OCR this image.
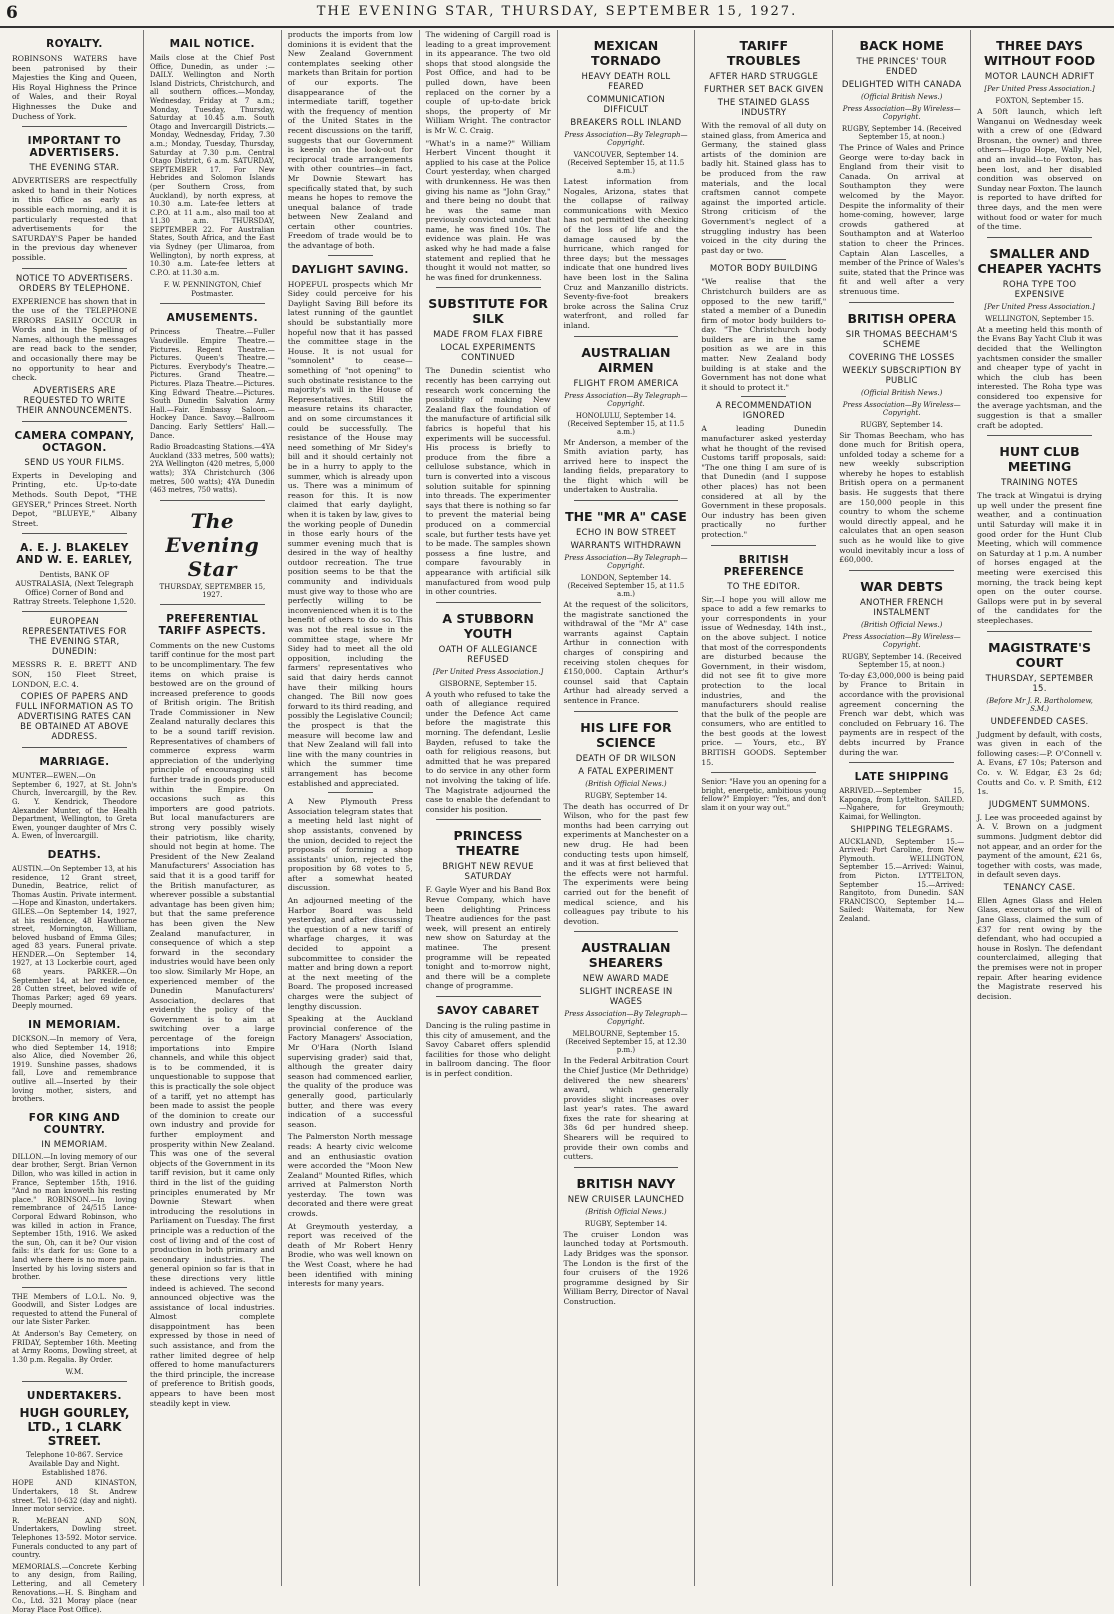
6	THE EVENING STAR, THURSDAY, SEPTEMBER 15, 1927.
ROYALTY.

ROBINSONS WATERS have been patronised by their Majesties the King and Queen, His Royal Highness the Prince of Wales, and their Royal Highnesses the Duke and Duchess of York.

IMPORTANT TO ADVERTISERS.
THE EVENING STAR.

ADVERTISERS are respectfully asked to hand in their Notices in this Office as early as possible each morning, and it is particularly requested that advertisements for the SATURDAY'S Paper be handed in the previous day whenever possible.

NOTICE TO ADVERTISERS. ORDERS BY TELEPHONE.

EXPERIENCE has shown that in the use of the TELEPHONE ERRORS EASILY OCCUR in Words and in the Spelling of Names, although the messages are read back to the sender, and occasionally there may be no opportunity to hear and check.

ADVERTISERS ARE REQUESTED TO WRITE THEIR ANNOUNCEMENTS.
CAMERA COMPANY, OCTAGON.
SEND US YOUR FILMS.

Experts in Developing and Printing, etc. Up-to-date Methods. South Depot, "THE GEYSER," Princes Street. North Depot, "BLUEYE," Albany Street.

A. E. J. BLAKELEY AND W. E. EARLEY,

Dentists, BANK OF AUSTRALASIA, (Next Telegraph Office) Corner of Bond and Rattray Streets. Telephone 1,520.

EUROPEAN REPRESENTATIVES FOR THE EVENING STAR, DUNEDIN:

MESSRS R. E. BRETT AND SON, 150 Fleet Street, LONDON, E.C. 4.

COPIES OF PAPERS AND FULL INFORMATION AS TO ADVERTISING RATES CAN BE OBTAINED AT ABOVE ADDRESS.
MARRIAGE.

MUNTER—EWEN.—On September 6, 1927, at St. John's Church, Invercargill, by the Rev. G. Y. Kendrick, Theodore Alexander Munter, of the Health Department, Wellington, to Greta Ewen, younger daughter of Mrs C. A. Ewen, of Invercargill.

DEATHS.

AUSTIN.—On September 13, at his residence, 12 Grant street, Dunedin, Beatrice, relict of Thomas Austin. Private interment.—Hope and Kinaston, undertakers. GILES.—On September 14, 1927, at his residence, 48 Hawthorne street, Mornington, William, beloved husband of Emma Giles; aged 83 years. Funeral private. HENDER.—On September 14, 1927, at 13 Lockerbie court, aged 68 years. PARKER.—On September 14, at her residence, 28 Cutten street, beloved wife of Thomas Parker; aged 69 years. Deeply mourned.

IN MEMORIAM.

DICKSON.—In memory of Vera, who died September 14, 1918; also Alice, died November 26, 1919. Sunshine passes, shadows fall, Love and remembrance outlive all.—Inserted by their loving mother, sisters, and brothers.

FOR KING AND COUNTRY.
IN MEMORIAM.

DILLON.—In loving memory of our dear brother, Sergt. Brian Vernon Dillon, who was killed in action in France, September 15th, 1916. "And no man knoweth his resting place." ROBINSON.—In loving remembrance of 24/515 Lance-Corporal Edward Robinson, who was killed in action in France, September 15th, 1916. We asked the sun, Oh, can it be? Our vision fails: it's dark for us: Gone to a land where there is no more pain. Inserted by his loving sisters and brother.

THE Members of L.O.L. No. 9, Goodwill, and Sister Lodges are requested to attend the Funeral of our late Sister Parker.

At Anderson's Bay Cemetery, on FRIDAY, September 16th. Meeting at Army Rooms, Dowling street, at 1.30 p.m. Regalia. By Order.

W.M.

UNDERTAKERS.
HUGH GOURLEY, LTD., 1 CLARK STREET.

Telephone 10-867. Service Available Day and Night. Established 1876.

HOPE AND KINASTON, Undertakers, 18 St. Andrew street. Tel. 10-632 (day and night). Inner motor service.

R. McBEAN AND SON, Undertakers, Dowling street. Telephones 13-592. Motor service. Funerals conducted to any part of country.

MEMORIALS.—Concrete Kerbing to any design, from Railing, Lettering, and all Cemetery Renovations.—H. S. Bingham and Co., Ltd. 321 Moray place (near Moray Place Post Office).

MAIL NOTICE.

Mails close at the Chief Post Office, Dunedin, as under :— DAILY. Wellington and North Island Districts, Christchurch, and all southern offices.—Monday, Wednesday, Friday at 7 a.m.; Monday, Tuesday, Thursday, Saturday at 10.45 a.m. South Otago and Invercargill Districts.—Monday, Wednesday, Friday, 7.30 a.m.; Monday, Tuesday, Thursday, Saturday at 7.30 p.m. Central Otago District, 6 a.m. SATURDAY, SEPTEMBER 17. For New Hebrides and Solomon Islands (per Southern Cross, from Auckland), by north express, at 10.30 a.m. Late-fee letters at C.P.O. at 11 a.m., also mail too at 11.30 a.m. THURSDAY, SEPTEMBER 22. For Australian States, South Africa, and the East via Sydney (per Ulimaroa, from Wellington), by north express, at 10.30 a.m. Late-fee letters at C.P.O. at 11.30 a.m.

F. W. PENNINGTON, Chief Postmaster.

AMUSEMENTS.

Princess Theatre.—Fuller Vaudeville. Empire Theatre.—Pictures. Regent Theatre.—Pictures. Queen's Theatre.—Pictures. Everybody's Theatre.—Pictures. Grand Theatre.—Pictures. Plaza Theatre.—Pictures. King Edward Theatre.—Pictures. South Dunedin Salvation Army Hall.—Fair. Embassy Saloon.—Hockey Dance. Savoy.—Ballroom Dancing. Early Settlers' Hall.—Dance.

Radio Broadcasting Stations.—4YA Auckland (333 metres, 500 watts); 2YA Wellington (420 metres, 5,000 watts); 3YA Christchurch (306 metres, 500 watts); 4YA Dunedin (463 metres, 750 watts).

The Evening Star
THURSDAY, SEPTEMBER 15, 1927.
PREFERENTIAL TARIFF ASPECTS.

Comments on the new Customs tariff continue for the most part to be uncomplimentary. The few items on which praise is bestowed are on the ground of increased preference to goods of British origin. The British Trade Commissioner in New Zealand naturally declares this to be a sound tariff revision. Representatives of chambers of commerce express warm appreciation of the underlying principle of encouraging still further trade in goods produced within the Empire. On occasions such as this importers are good patriots. But local manufacturers are strong very possibly wisely their patriotism, like charity, should not begin at home. The President of the New Zealand Manufacturers' Association has said that it is a good tariff for the British manufacturer, as wherever possible a substantial advantage has been given him; but that the same preference has been given the New Zealand manufacturer, in consequence of which a step forward in the secondary industries would have been only too slow. Similarly Mr Hope, an experienced member of the Dunedin Manufacturers' Association, declares that evidently the policy of the Government is to aim at switching over a large percentage of the foreign importations into Empire channels, and while this object is to be commended, it is unquestionable to suppose that this is practically the sole object of a tariff, yet no attempt has been made to assist the people of the dominion to create our own industry and provide for further employment and prosperity within New Zealand. This was one of the several objects of the Government in its tariff revision, but it came only third in the list of the guiding principles enumerated by Mr Downie Stewart when introducing the resolutions in Parliament on Tuesday. The first principle was a reduction of the cost of living and of the cost of production in both primary and secondary industries. The general opinion so far is that in these directions very little indeed is achieved. The second announced objective was the assistance of local industries. Almost complete disappointment has been expressed by those in need of such assistance, and from the rather limited degree of help offered to home manufacturers the third principle, the increase of preference to British goods, appears to have been most steadily kept in view.

products the imports from low dominions it is evident that the New Zealand Government contemplates seeking other markets than Britain for portion of our exports. The disappearance of the intermediate tariff, together with the frequency of mention of the United States in the recent discussions on the tariff, suggests that our Government is keenly on the look-out for reciprocal trade arrangements with other countries—in fact, Mr Downie Stewart has specifically stated that, by such means he hopes to remove the unequal balance of trade between New Zealand and certain other countries. Freedom of trade would be to the advantage of both.

DAYLIGHT SAVING.

HOPEFUL prospects which Mr Sidey could perceive for his Daylight Saving Bill before its latest running of the gauntlet should be substantially more hopeful now that it has passed the committee stage in the House. It is not usual for "somnolent" to cease—something of "not opening" to such obstinate resistance to the majority's will in the House of Representatives. Still the measure retains its character, and on some circumstances it could be successfully. The resistance of the House may need something of Mr Sidey's bill and it should certainly not be in a hurry to apply to the summer, which is already upon us. There was a minimum of reason for this. It is now claimed that early daylight, when it is taken by law, gives to the working people of Dunedin in those early hours of the summer evening much that is desired in the way of healthy outdoor recreation. The true position seems to be that the community and individuals must give way to those who are perfectly willing to be inconvenienced when it is to the benefit of others to do so. This was not the real issue in the committee stage, where Mr Sidey had to meet all the old opposition, including the farmers' representatives who said that dairy herds cannot have their milking hours changed. The Bill now goes forward to its third reading, and possibly the Legislative Council; the prospect is that the measure will become law and that New Zealand will fall into line with the many countries in which the summer time arrangement has become established and appreciated.

A New Plymouth Press Association telegram states that a meeting held last night of shop assistants, convened by the union, decided to reject the proposals of forming a shop assistants' union, rejected the proposition by 68 votes to 5, after a somewhat heated discussion.

An adjourned meeting of the Harbor Board was held yesterday, and after discussing the question of a new tariff of wharfage charges, it was decided to appoint a subcommittee to consider the matter and bring down a report at the next meeting of the Board. The proposed increased charges were the subject of lengthy discussion.

Speaking at the Auckland provincial conference of the Factory Managers' Association, Mr O'Hara (North Island supervising grader) said that, although the greater dairy season had commenced earlier, the quality of the produce was generally good, particularly butter, and there was every indication of a successful season.

The Palmerston North message reads: A hearty civic welcome and an enthusiastic ovation were accorded the "Moon New Zealand" Mounted Rifles, which arrived at Palmerston North yesterday. The town was decorated and there were great crowds.

At Greymouth yesterday, a report was received of the death of Mr Robert Henry Brodie, who was well known on the West Coast, where he had been identified with mining interests for many years.

The widening of Cargill road is leading to a great improvement in its appearance. The two old shops that stood alongside the Post Office, and had to be pulled down, have been replaced on the corner by a couple of up-to-date brick shops, the property of Mr William Wright. The contractor is Mr W. C. Craig.

"What's in a name?" William Herbert Vincent thought it applied to his case at the Police Court yesterday, when charged with drunkenness. He was then giving his name as "John Gray," and there being no doubt that he was the same man previously convicted under that name, he was fined 10s. The evidence was plain. He was asked why he had made a false statement and replied that he thought it would not matter, so he was fined for drunkenness.

SUBSTITUTE FOR SILK
MADE FROM FLAX FIBRE
LOCAL EXPERIMENTS CONTINUED

The Dunedin scientist who recently has been carrying out research work concerning the possibility of making New Zealand flax the foundation of the manufacture of artificial silk fabrics is hopeful that his experiments will be successful. His process is briefly to produce from the fibre a cellulose substance, which in turn is converted into a viscous solution suitable for spinning into threads. The experimenter says that there is nothing so far to prevent the material being produced on a commercial scale, but further tests have yet to be made. The samples shown possess a fine lustre, and compare favourably in appearance with artificial silk manufactured from wood pulp in other countries.

A STUBBORN YOUTH
OATH OF ALLEGIANCE REFUSED
[Per United Press Association.]
GISBORNE, September 15.

A youth who refused to take the oath of allegiance required under the Defence Act came before the magistrate this morning. The defendant, Leslie Bayden, refused to take the oath for religious reasons, but admitted that he was prepared to do service in any other form not involving the taking of life. The Magistrate adjourned the case to enable the defendant to consider his position.

PRINCESS THEATRE
BRIGHT NEW REVUE SATURDAY

F. Gayle Wyer and his Band Box Revue Company, which have been delighting Princess Theatre audiences for the past week, will present an entirely new show on Saturday at the matinee. The present programme will be repeated tonight and to-morrow night, and there will be a complete change of programme.

SAVOY CABARET

Dancing is the ruling pastime in this city of amusement, and the Savoy Cabaret offers splendid facilities for those who delight in ballroom dancing. The floor is in perfect condition.

MEXICAN TORNADO
HEAVY DEATH ROLL FEARED
COMMUNICATION DIFFICULT
BREAKERS ROLL INLAND
Press Association—By Telegraph—Copyright.
VANCOUVER, September 14. (Received September 15, at 11.5 a.m.)

Latest information from Nogales, Arizona, states that the collapse of railway communications with Mexico has not permitted the checking of the loss of life and the damage caused by the hurricane, which ranged for three days; but the messages indicate that one hundred lives have been lost in the Salina Cruz and Manzanillo districts. Seventy-five-foot breakers broke across the Salina Cruz waterfront, and rolled far inland.

AUSTRALIAN AIRMEN
FLIGHT FROM AMERICA
Press Association—By Telegraph—Copyright.
HONOLULU, September 14. (Received September 15, at 11.5 a.m.)

Mr Anderson, a member of the Smith aviation party, has arrived here to inspect the landing fields, preparatory to the flight which will be undertaken to Australia.

THE "MR A" CASE
ECHO IN BOW STREET
WARRANTS WITHDRAWN
Press Association—By Telegraph—Copyright.
LONDON, September 14. (Received September 15, at 11.5 a.m.)

At the request of the solicitors, the magistrate sanctioned the withdrawal of the "Mr A" case warrants against Captain Arthur in connection with charges of conspiring and receiving stolen cheques for £150,000. Captain Arthur's counsel said that Captain Arthur had already served a sentence in France.

HIS LIFE FOR SCIENCE
DEATH OF DR WILSON
A FATAL EXPERIMENT
(British Official News.)
RUGBY, September 14.

The death has occurred of Dr Wilson, who for the past few months had been carrying out experiments at Manchester on a new drug. He had been conducting tests upon himself, and it was at first believed that the effects were not harmful. The experiments were being carried out for the benefit of medical science, and his colleagues pay tribute to his devotion.

AUSTRALIAN SHEARERS
NEW AWARD MADE
SLIGHT INCREASE IN WAGES
Press Association—By Telegraph—Copyright.
MELBOURNE, September 15. (Received September 15, at 12.30 p.m.)

In the Federal Arbitration Court the Chief Justice (Mr Dethridge) delivered the new shearers' award, which generally provides slight increases over last year's rates. The award fixes the rate for shearing at 38s 6d per hundred sheep. Shearers will be required to provide their own combs and cutters.

BRITISH NAVY
NEW CRUISER LAUNCHED
(British Official News.)
RUGBY, September 14.

The cruiser London was launched today at Portsmouth. Lady Bridges was the sponsor. The London is the first of the four cruisers of the 1926 programme designed by Sir William Berry, Director of Naval Construction.

TARIFF TROUBLES
AFTER HARD STRUGGLE
FURTHER SET BACK GIVEN
THE STAINED GLASS INDUSTRY

With the removal of all duty on stained glass, from America and Germany, the stained glass artists of the dominion are badly hit. Stained glass has to be produced from the raw materials, and the local craftsmen cannot compete against the imported article. Strong criticism of the Government's neglect of a struggling industry has been voiced in the city during the past day or two.

MOTOR BODY BUILDING

"We realise that the Christchurch builders are as opposed to the new tariff," stated a member of a Dunedin firm of motor body builders to-day. "The Christchurch body builders are in the same position as we are in this matter. New Zealand body building is at stake and the Government has not done what it should to protect it."

A RECOMMENDATION IGNORED

A leading Dunedin manufacturer asked yesterday what he thought of the revised Customs tariff proposals, said: "The one thing I am sure of is that Dunedin (and I suppose other places) has not been considered at all by the Government in these proposals. Our industry has been given practically no further protection."

BRITISH PREFERENCE
TO THE EDITOR.

Sir,—I hope you will allow me space to add a few remarks to your correspondents in your issue of Wednesday, 14th inst., on the above subject. I notice that most of the correspondents are disturbed because the Government, in their wisdom, did not see fit to give more protection to the local industries, and the manufacturers should realise that the bulk of the people are consumers, who are entitled to the best goods at the lowest price. — Yours, etc., BY BRITISH GOODS. September 15.

Senior: "Have you an opening for a bright, energetic, ambitious young fellow?" Employer: "Yes, and don't slam it on your way out."

BACK HOME
THE PRINCES' TOUR ENDED
DELIGHTED WITH CANADA
(Official British News.)
Press Association—By Wireless—Copyright.
RUGBY, September 14. (Received September 15, at noon.)

The Prince of Wales and Prince George were to-day back in England from their visit to Canada. On arrival at Southampton they were welcomed by the Mayor. Despite the informality of their home-coming, however, large crowds gathered at Southampton and at Waterloo station to cheer the Princes. Captain Alan Lascelles, a member of the Prince of Wales's suite, stated that the Prince was fit and well after a very strenuous time.

BRITISH OPERA
SIR THOMAS BEECHAM'S SCHEME
COVERING THE LOSSES
WEEKLY SUBSCRIPTION BY PUBLIC
(Official British News.)
Press Association—By Wireless—Copyright.
RUGBY, September 14.

Sir Thomas Beecham, who has done much for British opera, unfolded today a scheme for a new weekly subscription whereby he hopes to establish British opera on a permanent basis. He suggests that there are 150,000 people in this country to whom the scheme would directly appeal, and he calculates that an open season such as he would like to give would inevitably incur a loss of £60,000.

WAR DEBTS
ANOTHER FRENCH INSTALMENT
(British Official News.)
Press Association—By Wireless—Copyright.
RUGBY, September 14. (Received September 15, at noon.)

To-day £3,000,000 is being paid by France to Britain in accordance with the provisional agreement concerning the French war debt, which was concluded on February 16. The payments are in respect of the debts incurred by France during the war.

LATE SHIPPING

ARRIVED.—September 15, Kaponga, from Lyttelton. SAILED.—Ngahere, for Greymouth; Kaimai, for Wellington.

SHIPPING TELEGRAMS.

AUCKLAND, September 15.—Arrived: Port Caroline, from New Plymouth. WELLINGTON, September 15.—Arrived: Wainui, from Picton. LYTTELTON, September 15.—Arrived: Rangitoto, from Dunedin. SAN FRANCISCO, September 14.—Sailed: Waitemata, for New Zealand.

THREE DAYS WITHOUT FOOD
MOTOR LAUNCH ADRIFT
[Per United Press Association.]
FOXTON, September 15.

A 50ft launch, which left Wanganui on Wednesday week with a crew of one (Edward Brosnan, the owner) and three others—Hugo Hope, Wally Nel, and an invalid—to Foxton, has been lost, and her disabled condition was observed on Sunday near Foxton. The launch is reported to have drifted for three days, and the men were without food or water for much of the time.

SMALLER AND CHEAPER YACHTS
ROHA TYPE TOO EXPENSIVE
[Per United Press Association.]
WELLINGTON, September 15.

At a meeting held this month of the Evans Bay Yacht Club it was decided that the Wellington yachtsmen consider the smaller and cheaper type of yacht in which the club has been interested. The Roha type was considered too expensive for the average yachtsman, and the suggestion is that a smaller craft be adopted.

HUNT CLUB MEETING
TRAINING NOTES

The track at Wingatui is drying up well under the present fine weather, and a continuation until Saturday will make it in good order for the Hunt Club Meeting, which will commence on Saturday at 1 p.m. A number of horses engaged at the meeting were exercised this morning, the track being kept open on the outer course. Gallops were put in by several of the candidates for the steeplechases.

MAGISTRATE'S COURT
THURSDAY, SEPTEMBER 15.
(Before Mr J. R. Bartholomew, S.M.)
UNDEFENDED CASES.

Judgment by default, with costs, was given in each of the following cases:—P. O'Connell v. A. Evans, £7 10s; Paterson and Co. v. W. Edgar, £3 2s 6d; Coutts and Co. v. P. Smith, £12 1s.

JUDGMENT SUMMONS.

J. Lee was proceeded against by A. V. Brown on a judgment summons. Judgment debtor did not appear, and an order for the payment of the amount, £21 6s, together with costs, was made, in default seven days.

TENANCY CASE.

Ellen Agnes Glass and Helen Glass, executors of the will of Jane Glass, claimed the sum of £37 for rent owing by the defendant, who had occupied a house in Roslyn. The defendant counterclaimed, alleging that the premises were not in proper repair. After hearing evidence the Magistrate reserved his decision.
